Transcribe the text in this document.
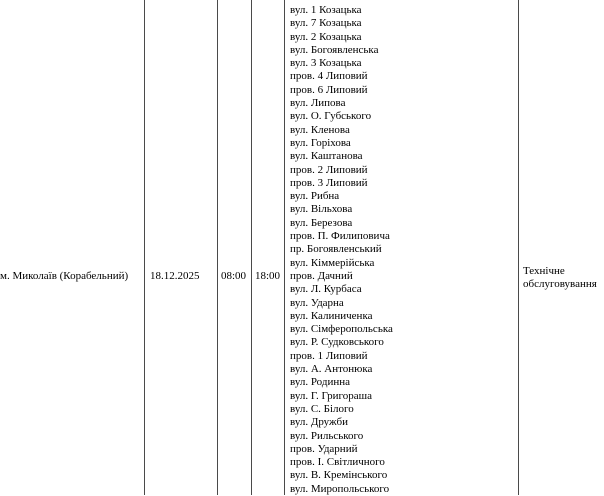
м. Миколаїв (Корабельний) 18.12.2025 08:00 18:00
вул. 1 Козацька
вул. 7 Козацька
вул. 2 Козацька
вул. Богоявленська
вул. 3 Козацька
пров. 4 Липовий
пров. 6 Липовий
вул. Липова
вул. О. Губського
вул. Кленова
вул. Горіхова
вул. Каштанова
пров. 2 Липовий
пров. 3 Липовий
вул. Рибна
вул. Вільхова
вул. Березова
пров. П. Филиповича
пр. Богоявленський
вул. Кіммерійська
пров. Дачний
вул. Л. Курбаса
вул. Ударна
вул. Калиниченка
вул. Сімферопольська
вул. Р. Судковського
пров. 1 Липовий
вул. А. Антонюка
вул. Родинна
вул. Г. Григораша
вул. С. Білого
вул. Дружби
вул. Рильського
пров. Ударний
пров. І. Світличного
вул. В. Кремінського
вул. Миропольського
Технічне обслуговування
